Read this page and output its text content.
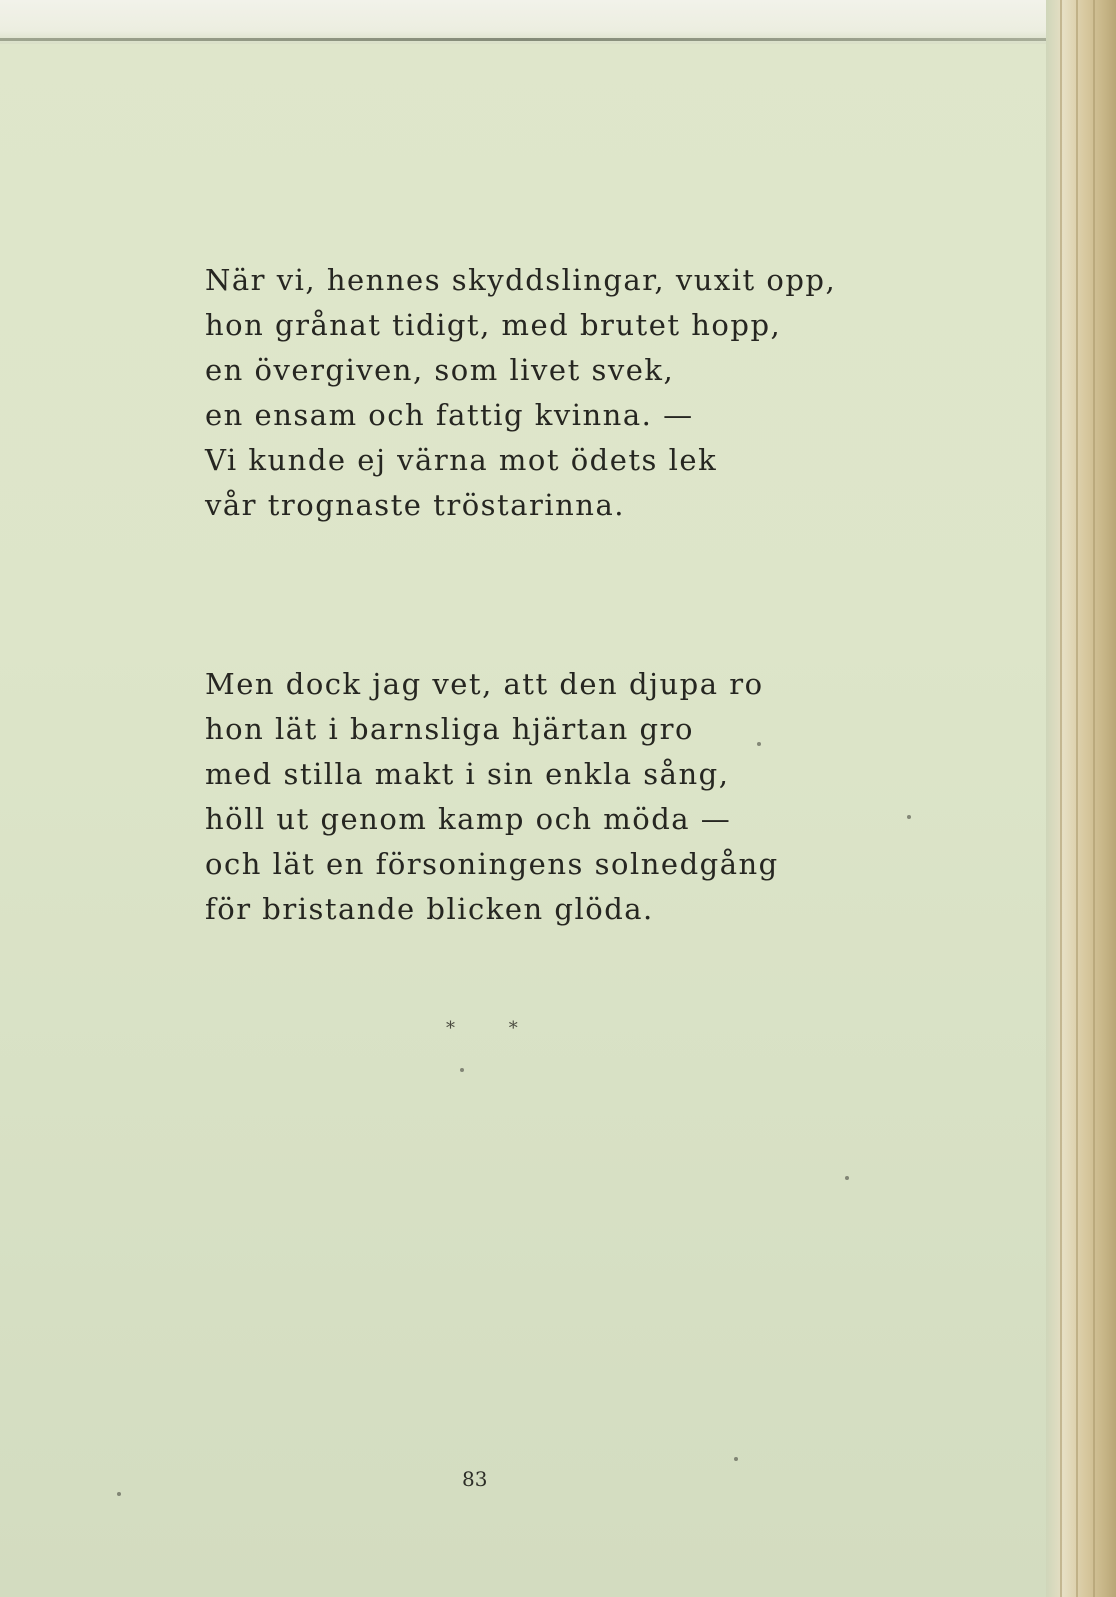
När vi, hennes skyddslingar, vuxit opp,
hon grånat tidigt, med brutet hopp,
en övergiven, som livet svek,
en ensam och fattig kvinna. —
Vi kunde ej värna mot ödets lek
vår trognaste tröstarinna.
Men dock jag vet, att den djupa ro
hon lät i barnsliga hjärtan gro
med stilla makt i sin enkla sång,
höll ut genom kamp och möda —
och lät en försoningens solnedgång
för bristande blicken glöda.
* *
83
